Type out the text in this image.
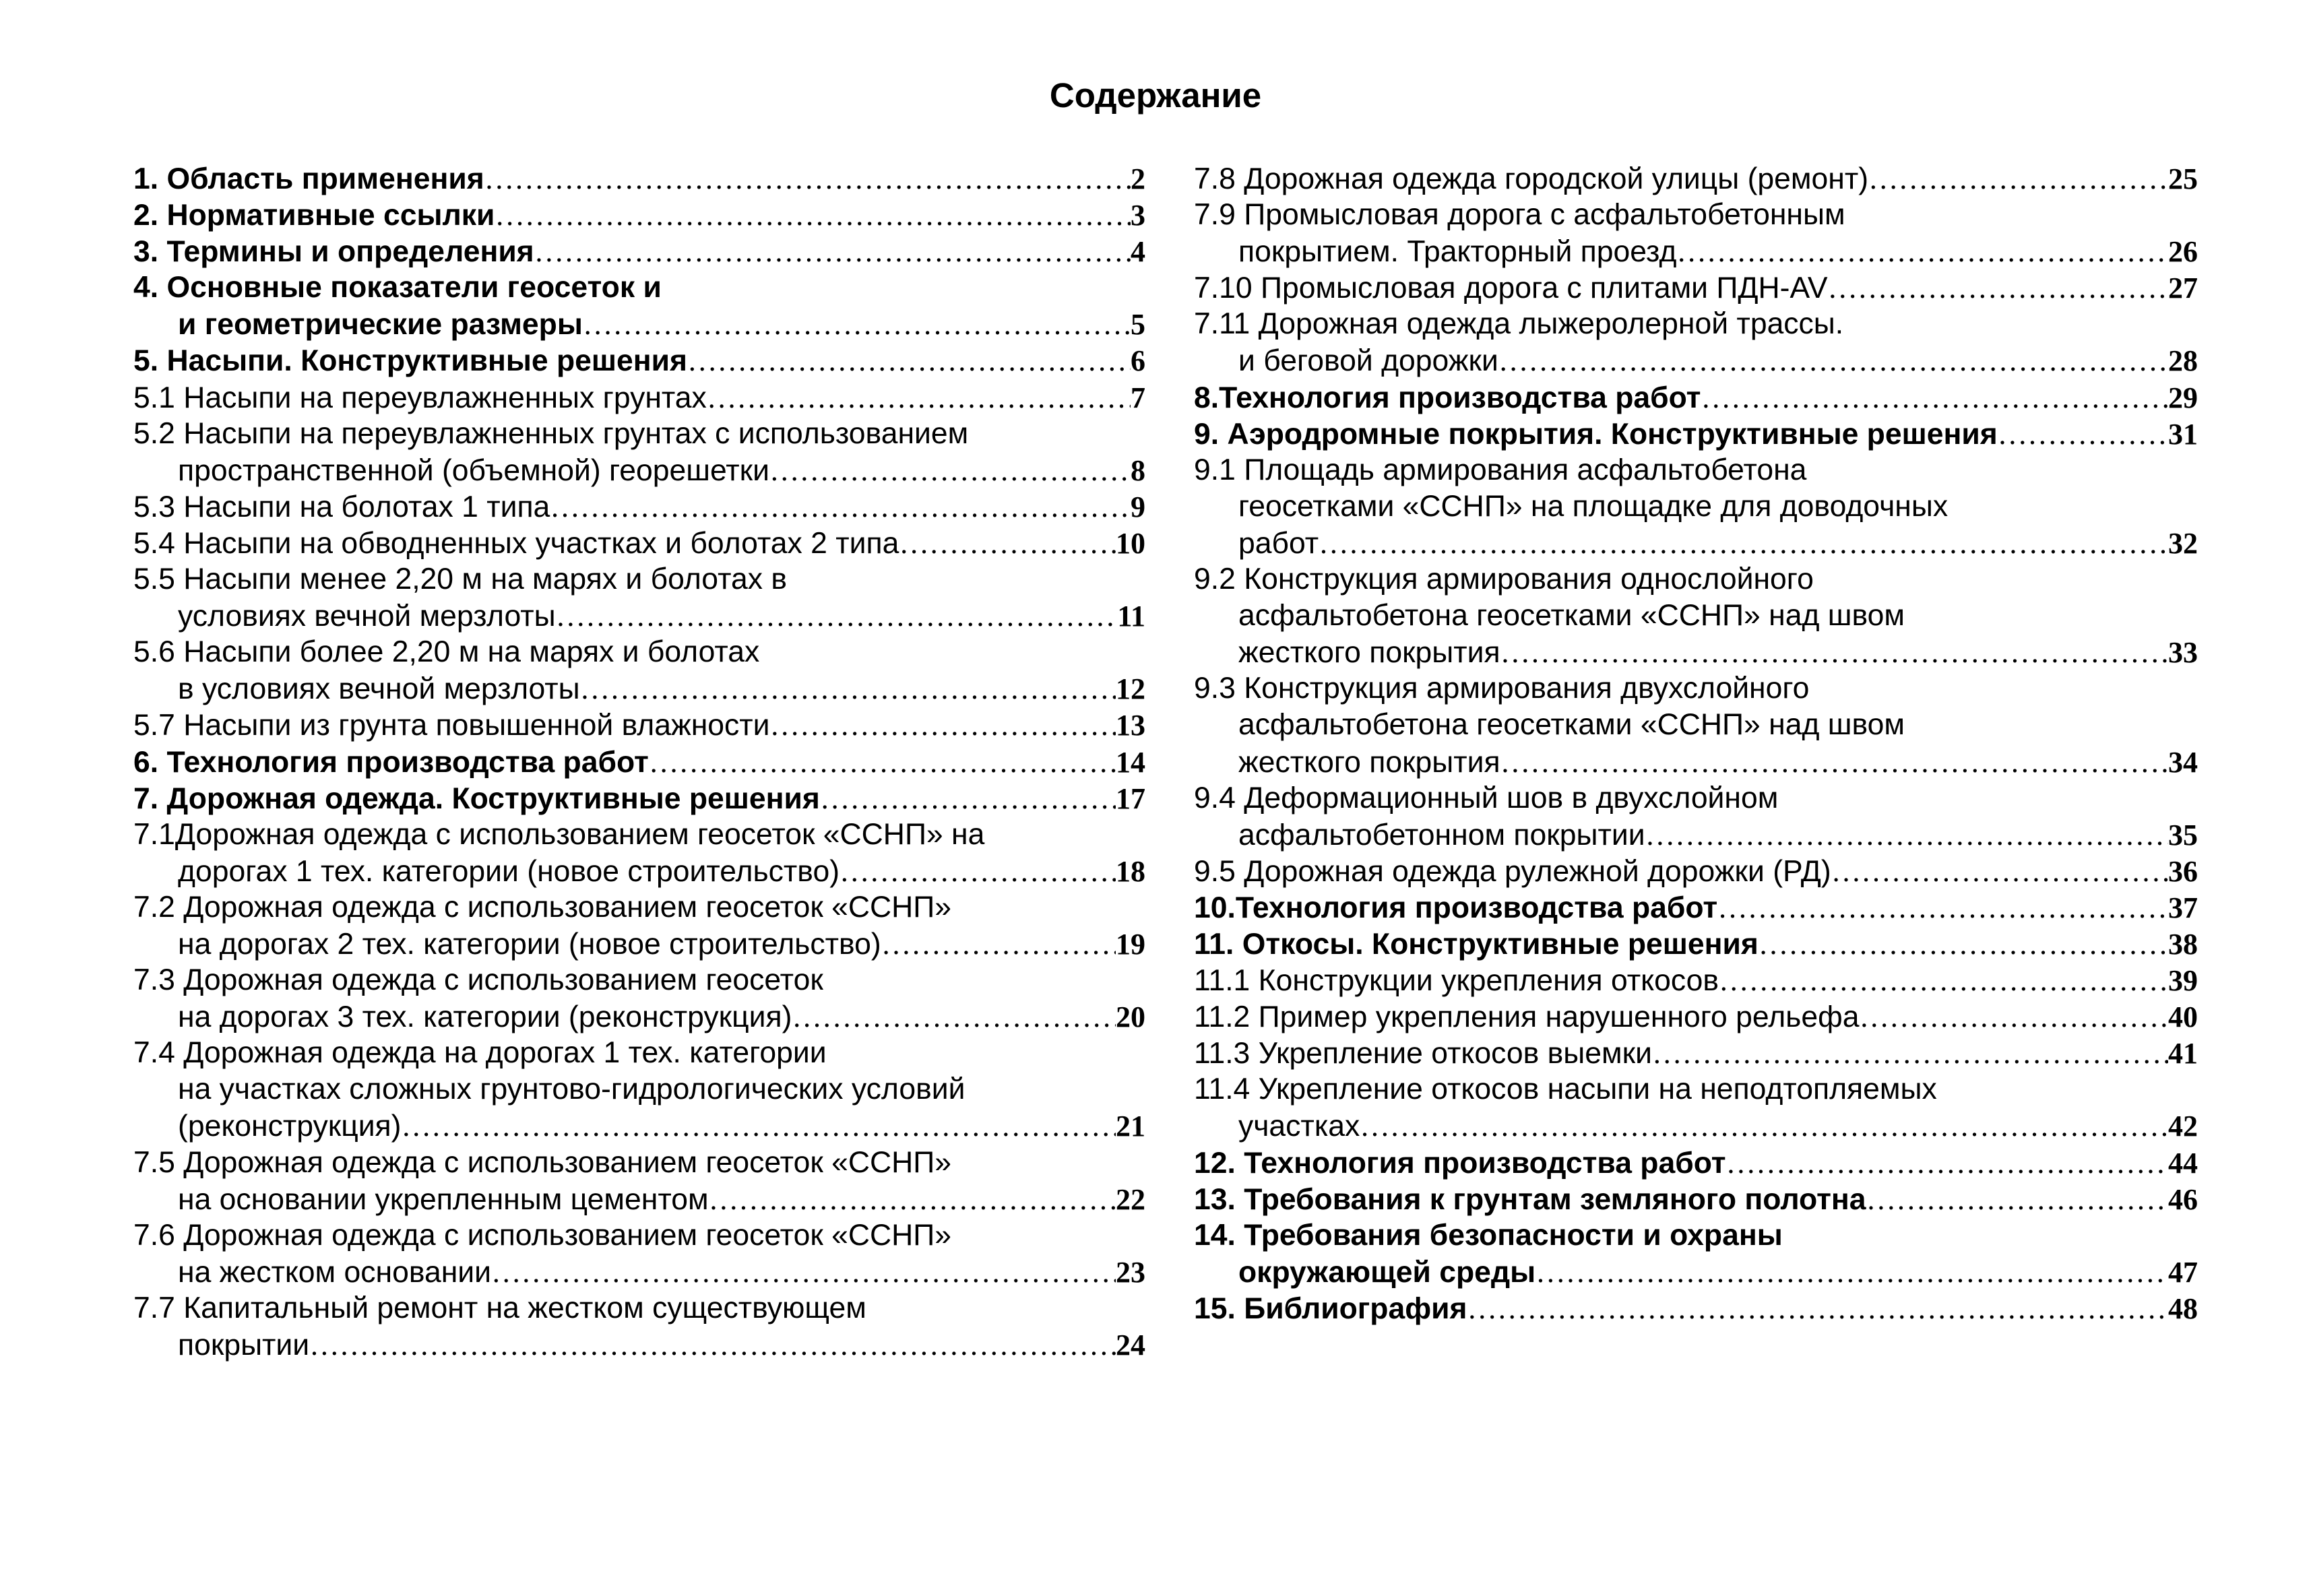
Содержание
1. Область применения ………………………………………………………………………………………………………………………………………………………………………………………………………	2
2. Нормативные ссылки ………………………………………………………………………………………………………………………………………………………………………………………………………	3
3. Термины и определения ………………………………………………………………………………………………………………………………………………………………………………………………………	4
4. Основные показатели геосеток и
и геометрические размеры ………………………………………………………………………………………………………………………………………………………………………………………………………	5
5. Насыпи. Конструктивные решения ………………………………………………………………………………………………………………………………………………………………………………………………………	6
5.1 Насыпи на переувлажненных грунтах ………………………………………………………………………………………………………………………………………………………………………………………………………	7
5.2 Насыпи на переувлажненных грунтах с использованием
пространственной (объемной) георешетки ………………………………………………………………………………………………………………………………………………………………………………………………………	8
5.3 Насыпи на болотах 1 типа ………………………………………………………………………………………………………………………………………………………………………………………………………	9
5.4 Насыпи на обводненных участках и болотах 2 типа ………………………………………………………………………………………………………………………………………………………………………………………………………	10
5.5 Насыпи менее 2,20 м на марях и болотах в
условиях вечной мерзлоты ………………………………………………………………………………………………………………………………………………………………………………………………………	11
5.6 Насыпи более 2,20 м на марях и болотах
в условиях вечной мерзлоты ………………………………………………………………………………………………………………………………………………………………………………………………………	12
5.7 Насыпи из грунта повышенной влажности ………………………………………………………………………………………………………………………………………………………………………………………………………	13
6. Технология производства работ ………………………………………………………………………………………………………………………………………………………………………………………………………	14
7. Дорожная одежда. Коструктивные решения ………………………………………………………………………………………………………………………………………………………………………………………………………	17
7.1Дорожная одежда с использованием геосеток «ССНП» на
дорогах 1 тех. категории (новое строительство) ………………………………………………………………………………………………………………………………………………………………………………………………………	18
7.2 Дорожная одежда с использованием геосеток «ССНП»
на дорогах 2 тех. категории (новое строительство) ………………………………………………………………………………………………………………………………………………………………………………………………………	19
7.3 Дорожная одежда с использованием геосеток
на дорогах 3 тех. категории (реконструкция) ………………………………………………………………………………………………………………………………………………………………………………………………………	20
7.4 Дорожная одежда на дорогах 1 тех. категории
на участках сложных грунтово-гидрологических условий
(реконструкция) ………………………………………………………………………………………………………………………………………………………………………………………………………	21
7.5 Дорожная одежда с использованием геосеток «ССНП»
на основании укрепленным цементом ………………………………………………………………………………………………………………………………………………………………………………………………………	22
7.6 Дорожная одежда с использованием геосеток «ССНП»
на жестком основании ………………………………………………………………………………………………………………………………………………………………………………………………………	23
7.7 Капитальный ремонт на жестком существующем
покрытии ………………………………………………………………………………………………………………………………………………………………………………………………………	24
7.8 Дорожная одежда городской улицы (ремонт) ………………………………………………………………………………………………………………………………………………………………………………………………………	25
7.9 Промысловая дорога с асфальтобетонным
покрытием. Тракторный проезд ………………………………………………………………………………………………………………………………………………………………………………………………………	26
7.10 Промысловая дорога с плитами ПДН-AV ………………………………………………………………………………………………………………………………………………………………………………………………………	27
7.11 Дорожная одежда лыжеролерной трассы.
и беговой дорожки ………………………………………………………………………………………………………………………………………………………………………………………………………	28
8.Технология производства работ ………………………………………………………………………………………………………………………………………………………………………………………………………	29
9. Аэродромные покрытия. Конструктивные решения ………………………………………………………………………………………………………………………………………………………………………………………………………	31
9.1 Площадь армирования асфальтобетона
геосетками «ССНП» на площадке для доводочных
работ ………………………………………………………………………………………………………………………………………………………………………………………………………	32
9.2 Конструкция армирования однослойного
асфальтобетона геосетками «ССНП» над швом
жесткого покрытия ………………………………………………………………………………………………………………………………………………………………………………………………………	33
9.3 Конструкция армирования двухслойного
асфальтобетона геосетками «ССНП» над швом
жесткого покрытия ………………………………………………………………………………………………………………………………………………………………………………………………………	34
9.4 Деформационный шов в двухслойном
асфальтобетонном покрытии ………………………………………………………………………………………………………………………………………………………………………………………………………	35
9.5 Дорожная одежда рулежной дорожки (РД) ………………………………………………………………………………………………………………………………………………………………………………………………………	36
10.Технология производства работ ………………………………………………………………………………………………………………………………………………………………………………………………………	37
11. Откосы. Конструктивные решения ………………………………………………………………………………………………………………………………………………………………………………………………………	38
11.1 Конструкции укрепления откосов ………………………………………………………………………………………………………………………………………………………………………………………………………	39
11.2 Пример укрепления нарушенного рельефа ………………………………………………………………………………………………………………………………………………………………………………………………………	40
11.3 Укрепление откосов выемки ………………………………………………………………………………………………………………………………………………………………………………………………………	41
11.4 Укрепление откосов насыпи на неподтопляемых
участках ………………………………………………………………………………………………………………………………………………………………………………………………………	42
12. Технология производства работ ………………………………………………………………………………………………………………………………………………………………………………………………………	44
13. Требования к грунтам земляного полотна ………………………………………………………………………………………………………………………………………………………………………………………………………	46
14. Требования безопасности и охраны
окружающей среды ………………………………………………………………………………………………………………………………………………………………………………………………………	47
15. Библиография ………………………………………………………………………………………………………………………………………………………………………………………………………	48
